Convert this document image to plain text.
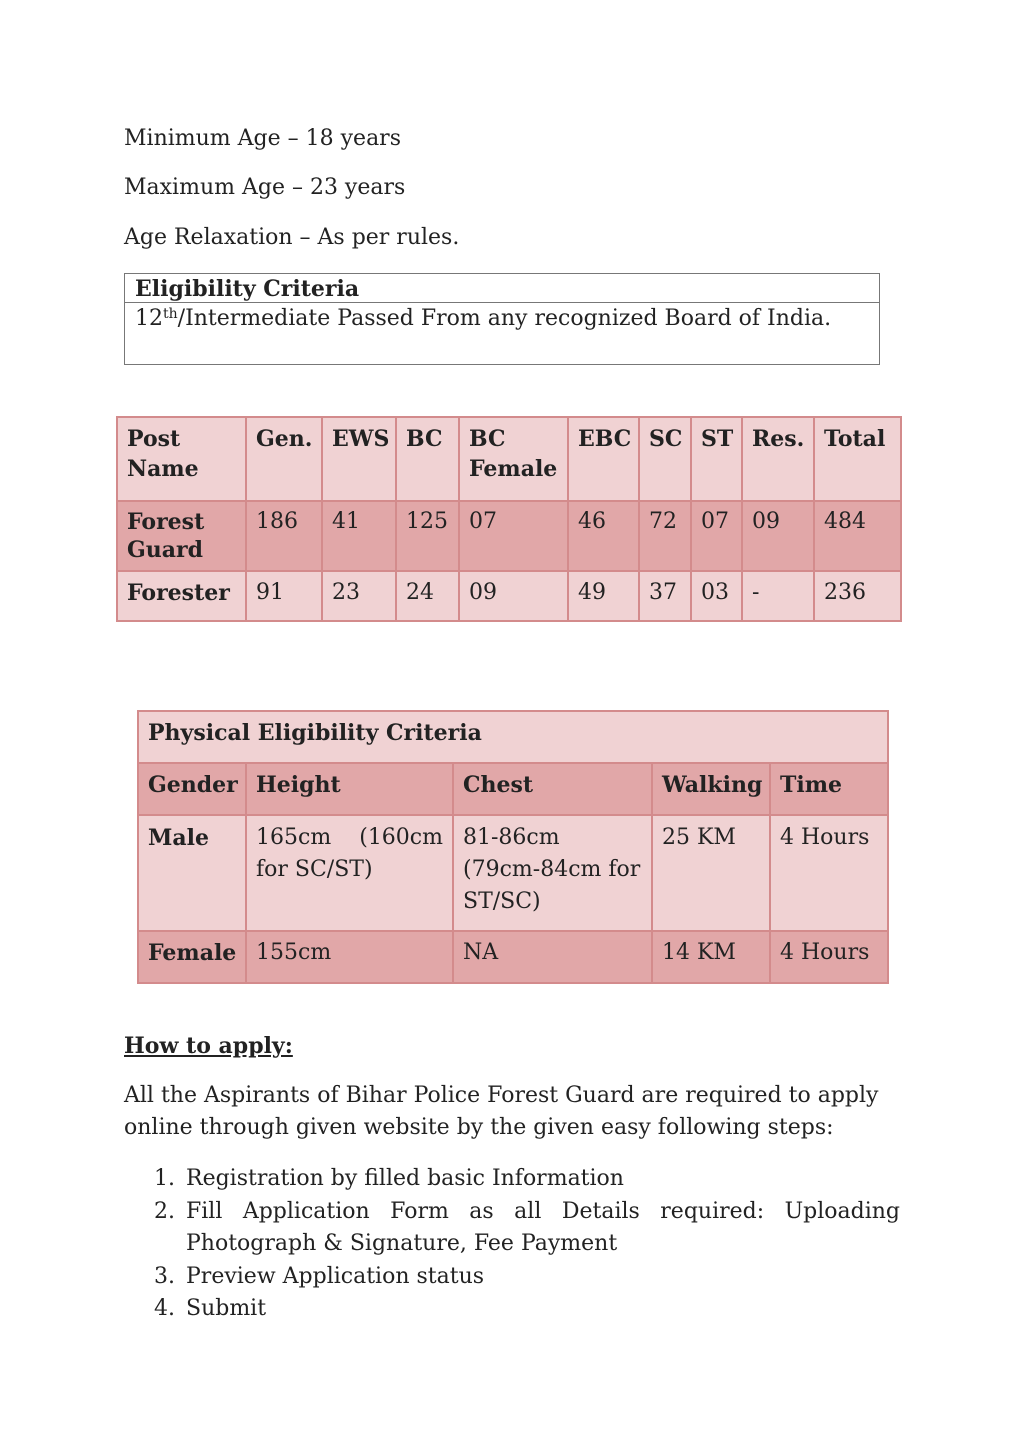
Minimum Age – 18 years

Maximum Age – 23 years

Age Relaxation – As per rules.

Eligibility Criteria
12th/Intermediate Passed From any recognized Board of India.
Post Name	Gen.	EWS	BC	BC Female	EBC	SC	ST	Res.	Total
Forest Guard	186	41	125	07	46	72	07	09	484
Forester	91	23	24	09	49	37	03	-	236
Physical Eligibility Criteria				
Gender	Height	Chest	Walking	Time
Male	165cm (160cm for SC/ST)	81-86cm (79cm-84cm for ST/SC)	25 KM	4 Hours
Female	155cm	NA	14 KM	4 Hours
How to apply:
All the Aspirants of Bihar Police Forest Guard are required to apply online through given website by the given easy following steps:
1. Registration by filled basic Information
2. Fill Application Form as all Details required: Uploading Photograph & Signature, Fee Payment
3. Preview Application status
4. Submit
